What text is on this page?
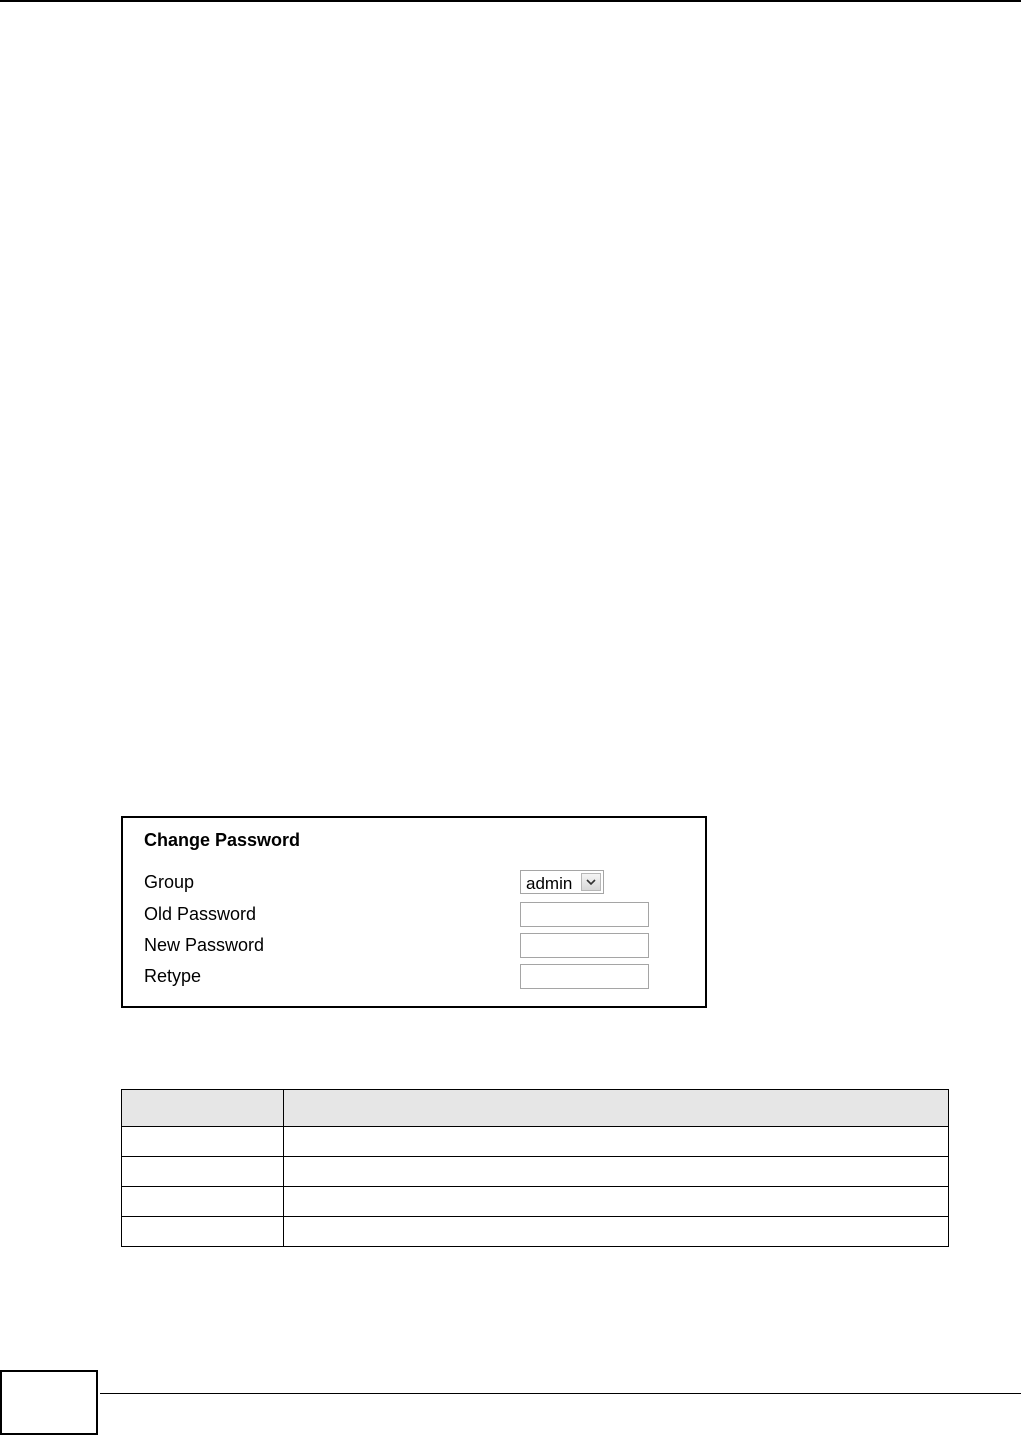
Change Password
Group	admin
Old Password
New Password
Retype
